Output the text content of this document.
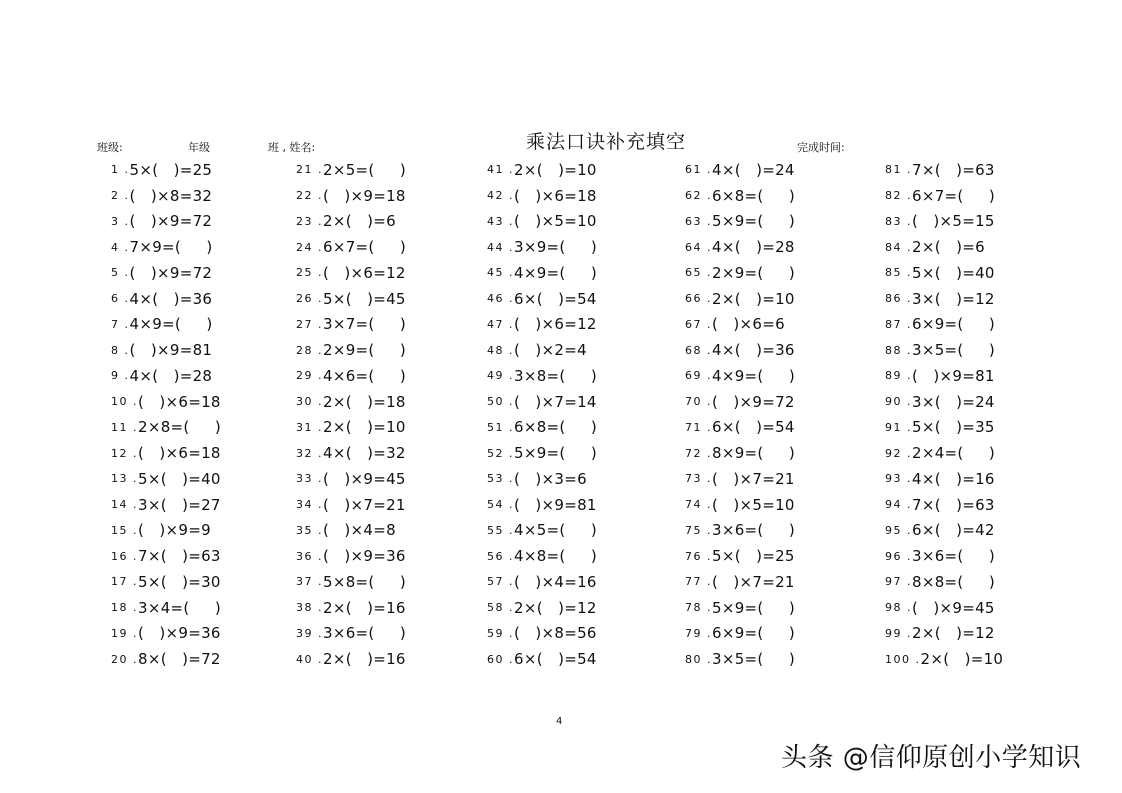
班级:	年级	班 , 姓名:	乘法口诀补充填空	完成时间:
1 . 5×(   )=25
2 . (   )×8=32
3 . (   )×9=72
4 . 7×9=(     )
5 . (   )×9=72
6 . 4×(   )=36
7 . 4×9=(     )
8 . (   )×9=81
9 . 4×(   )=28
10 . (   )×6=18
11 . 2×8=(     )
12 . (   )×6=18
13 . 5×(   )=40
14 . 3×(   )=27
15 . (   )×9=9
16 . 7×(   )=63
17 . 5×(   )=30
18 . 3×4=(     )
19 . (   )×9=36
20 . 8×(   )=72
21 . 2×5=(     )
22 . (   )×9=18
23 . 2×(   )=6
24 . 6×7=(     )
25 . (   )×6=12
26 . 5×(   )=45
27 . 3×7=(     )
28 . 2×9=(     )
29 . 4×6=(     )
30 . 2×(   )=18
31 . 2×(   )=10
32 . 4×(   )=32
33 . (   )×9=45
34 . (   )×7=21
35 . (   )×4=8
36 . (   )×9=36
37 . 5×8=(     )
38 . 2×(   )=16
39 . 3×6=(     )
40 . 2×(   )=16
41 . 2×(   )=10
42 . (   )×6=18
43 . (   )×5=10
44 . 3×9=(     )
45 . 4×9=(     )
46 . 6×(   )=54
47 . (   )×6=12
48 . (   )×2=4
49 . 3×8=(     )
50 . (   )×7=14
51 . 6×8=(     )
52 . 5×9=(     )
53 . (   )×3=6
54 . (   )×9=81
55 . 4×5=(     )
56 . 4×8=(     )
57 . (   )×4=16
58 . 2×(   )=12
59 . (   )×8=56
60 . 6×(   )=54
61 . 4×(   )=24
62 . 6×8=(     )
63 . 5×9=(     )
64 . 4×(   )=28
65 . 2×9=(     )
66 . 2×(   )=10
67 . (   )×6=6
68 . 4×(   )=36
69 . 4×9=(     )
70 . (   )×9=72
71 . 6×(   )=54
72 . 8×9=(     )
73 . (   )×7=21
74 . (   )×5=10
75 . 3×6=(     )
76 . 5×(   )=25
77 . (   )×7=21
78 . 5×9=(     )
79 . 6×9=(     )
80 . 3×5=(     )
81 . 7×(   )=63
82 . 6×7=(     )
83 . (   )×5=15
84 . 2×(   )=6
85 . 5×(   )=40
86 . 3×(   )=12
87 . 6×9=(     )
88 . 3×5=(     )
89 . (   )×9=81
90 . 3×(   )=24
91 . 5×(   )=35
92 . 2×4=(     )
93 . 4×(   )=16
94 . 7×(   )=63
95 . 6×(   )=42
96 . 3×6=(     )
97 . 8×8=(     )
98 . (   )×9=45
99 . 2×(   )=12
100 . 2×(   )=10
4
头条 @信仰原创小学知识
